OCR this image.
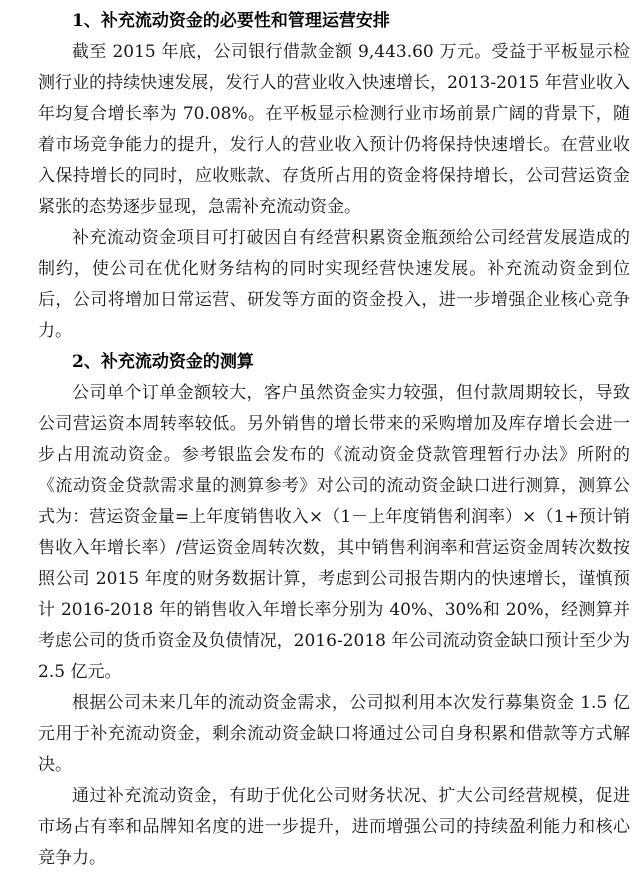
1、补充流动资金的必要性和管理运营安排

截至 2015 年底，公司银行借款金额 9,443.60 万元。受益于平板显示检测行业的持续快速发展，发行人的营业收入快速增长，2013-2015 年营业收入年均复合增长率为 70.08%。在平板显示检测行业市场前景广阔的背景下，随着市场竞争能力的提升，发行人的营业收入预计仍将保持快速增长。在营业收入保持增长的同时，应收账款、存货所占用的资金将保持增长，公司营运资金紧张的态势逐步显现，急需补充流动资金。

补充流动资金项目可打破因自有经营积累资金瓶颈给公司经营发展造成的制约，使公司在优化财务结构的同时实现经营快速发展。补充流动资金到位后，公司将增加日常运营、研发等方面的资金投入，进一步增强企业核心竞争力。

2、补充流动资金的测算

公司单个订单金额较大，客户虽然资金实力较强，但付款周期较长，导致公司营运资本周转率较低。另外销售的增长带来的采购增加及库存增长会进一步占用流动资金。参考银监会发布的《流动资金贷款管理暂行办法》所附的《流动资金贷款需求量的测算参考》对公司的流动资金缺口进行测算，测算公式为：营运资金量=上年度销售收入×（1－上年度销售利润率）×（1+预计销售收入年增长率）/营运资金周转次数，其中销售利润率和营运资金周转次数按照公司 2015 年度的财务数据计算，考虑到公司报告期内的快速增长，谨慎预计 2016-2018 年的销售收入年增长率分别为 40%、30%和 20%，经测算并考虑公司的货币资金及负债情况，2016-2018 年公司流动资金缺口预计至少为 2.5 亿元。

根据公司未来几年的流动资金需求，公司拟利用本次发行募集资金 1.5 亿元用于补充流动资金，剩余流动资金缺口将通过公司自身积累和借款等方式解决。

通过补充流动资金，有助于优化公司财务状况、扩大公司经营规模，促进市场占有率和品牌知名度的进一步提升，进而增强公司的持续盈利能力和核心竞争力。
